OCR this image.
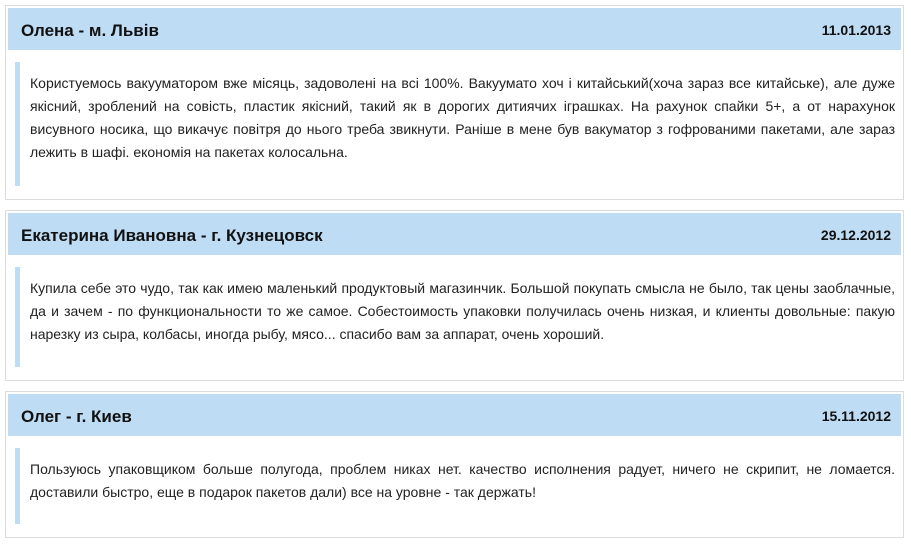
Олена - м. Львів	11.01.2013
Користуемось вакууматором вже місяць, задоволені на всі 100%. Вакуумато хоч і китайський(хоча зараз все китайське), але дуже якісний, зроблений на совість, пластик якісний, такий як в дорогих дитиячих іграшках. На рахунок спайки 5+, а от нарахунок висувного носика, що викачує повітря до нього треба звикнути. Раніше в мене був вакуматор з гофрованими пакетами, але зараз лежить в шафі. економія на пакетах колосальна.
Екатерина Ивановна - г. Кузнецовск	29.12.2012
Купила себе это чудо, так как имею маленький продуктовый магазинчик. Большой покупать смысла не было, так цены заоблачные, да и зачем - по функциональности то же самое. Собестоимость упаковки получилась очень низкая, и клиенты довольные: пакую нарезку из сыра, колбасы, иногда рыбу, мясо... спасибо вам за аппарат, очень хороший.
Олег - г. Киев	15.11.2012
Пользуюсь упаковщиком больше полугода, проблем никах нет. качество исполнения радует, ничего не скрипит, не ломается. доставили быстро, еще в подарок пакетов дали) все на уровне - так держать!
